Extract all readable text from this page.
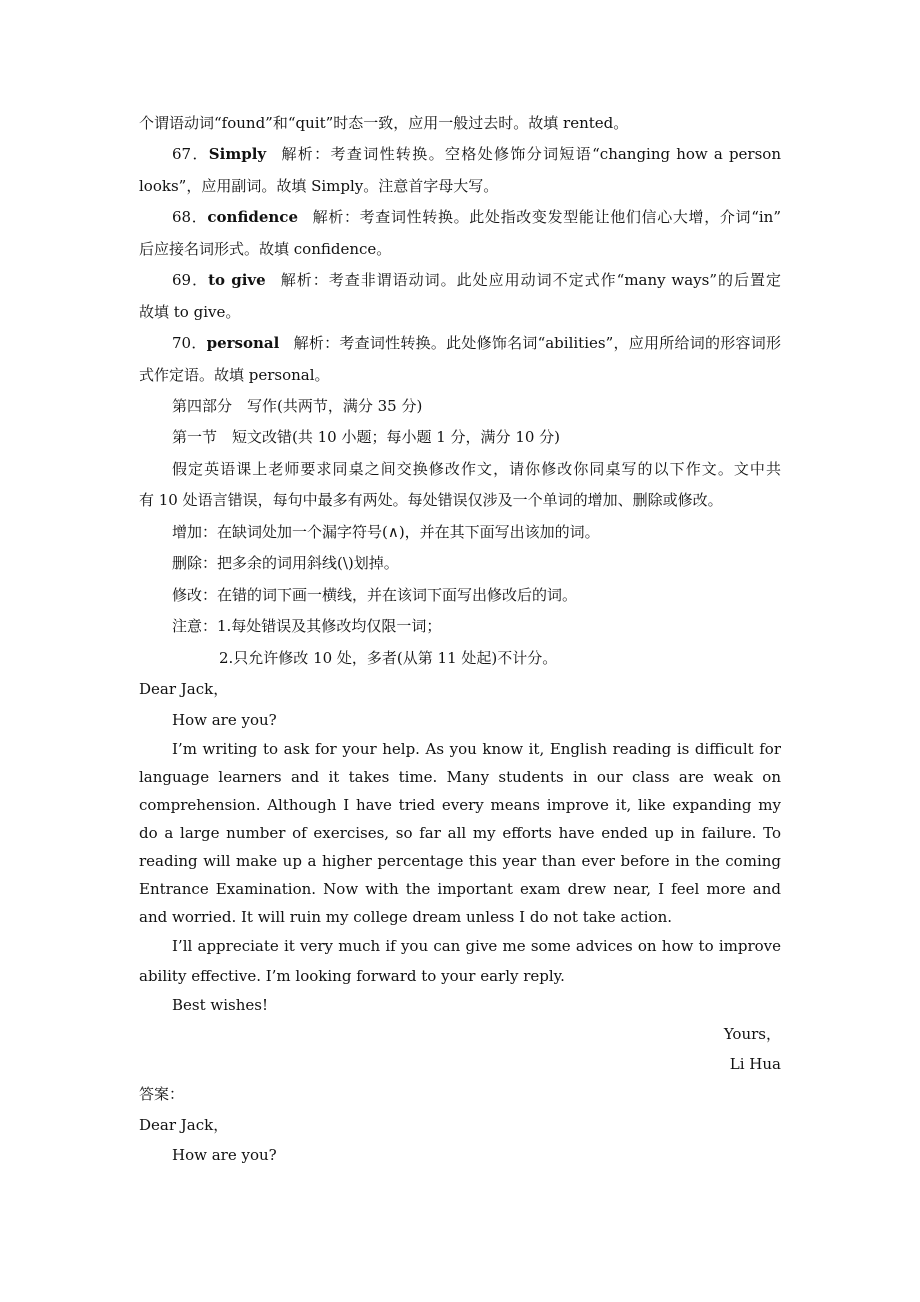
个谓语动词“found”和“quit”时态一致，应用一般过去时。故填 rented。
67．Simply 解析：考查词性转换。空格处修饰分词短语“changing how a person
looks”，应用副词。故填 Simply。注意首字母大写。
68．confidence 解析：考查词性转换。此处指改变发型能让他们信心大增，介词“in”
后应接名词形式。故填 confidence。
69．to give 解析：考查非谓语动词。此处应用动词不定式作“many ways”的后置定
故填 to give。
70．personal 解析：考查词性转换。此处修饰名词“abilities”，应用所给词的形容词形
式作定语。故填 personal。
第四部分　写作(共两节，满分 35 分)
第一节　短文改错(共 10 小题；每小题 1 分，满分 10 分)
假定英语课上老师要求同桌之间交换修改作文，请你修改你同桌写的以下作文。文中共
有 10 处语言错误，每句中最多有两处。每处错误仅涉及一个单词的增加、删除或修改。
增加：在缺词处加一个漏字符号(∧)，并在其下面写出该加的词。
删除：把多余的词用斜线(\)划掉。
修改：在错的词下画一横线，并在该词下面写出修改后的词。
注意：1.每处错误及其修改均仅限一词；
2.只允许修改 10 处，多者(从第 11 处起)不计分。
Dear Jack，
How are you?
I’m writing to ask for your help. As you know it, English reading is difficult for
language learners and it takes time. Many students in our class are weak on
comprehension. Although I have tried every means improve it, like expanding my
do a large number of exercises, so far all my efforts have ended up in failure. To
reading will make up a higher percentage this year than ever before in the coming
Entrance Examination. Now with the important exam drew near, I feel more and
and worried. It will ruin my college dream unless I do not take action.
I’ll appreciate it very much if you can give me some advices on how to improve
ability effective. I’m looking forward to your early reply.
Best wishes!
Yours，
Li Hua
答案：
Dear Jack，
How are you?
